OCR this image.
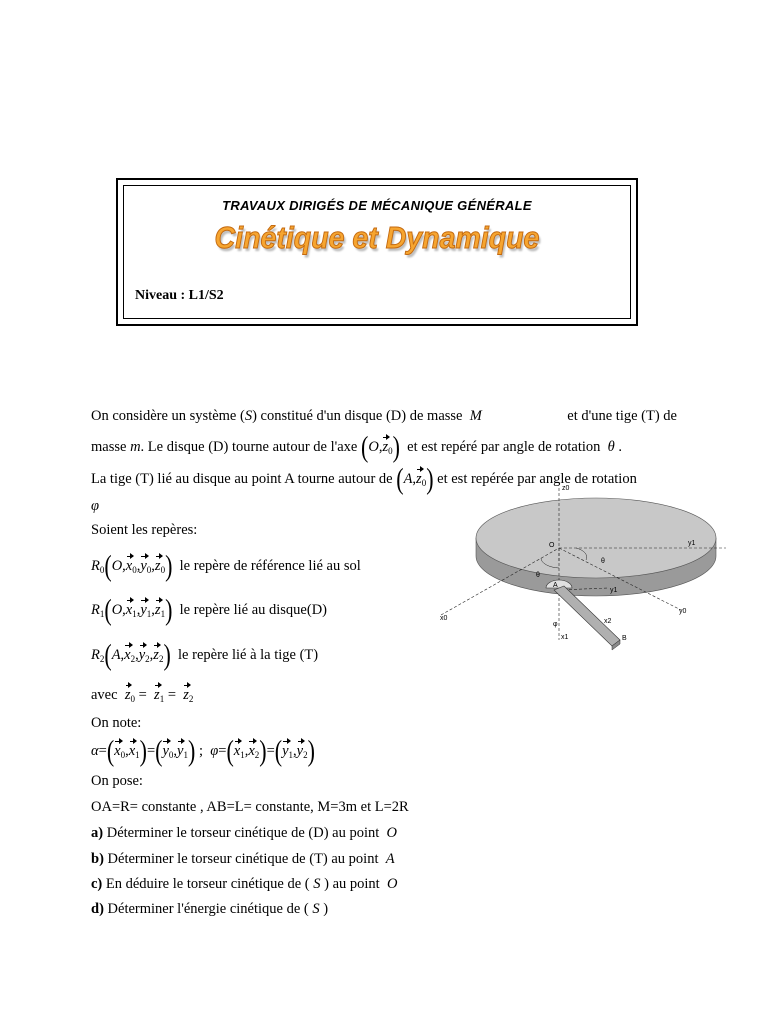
TRAVAUX DIRIGÉS DE MÉCANIQUE GÉNÉRALE
Cinétique et Dynamique
Niveau : L1/S2
On considère un système (S) constitué d'un disque (D) de masse M	et d'une tige (T) de
masse m. Le disque (D) tourne autour de l'axe $(O,z_0)$ et est repéré par angle de rotation θ .
La tige (T) lié au disque au point A tourne autour de $(A,z_0)$ et est repérée par angle de rotation
φ
Soient les repères:
$R_0(O,x_0,y_0,z_0)$ le repère de référence lié au sol
$R_1(O,x_1,y_1,z_1)$ le repère lié au disque(D)
$R_2(A,x_2,y_2,z_2)$ le repère lié à la tige (T)
avec $z_0 = z_1 = z_2$
On note:
$\alpha=(x_0,x_1)=(y_0,y_1)$ ;  $\varphi=(x_1,x_2)=(y_1,y_2)$
On pose:
OA=R= constante , AB=L= constante, M=3m et L=2R
a) Déterminer le torseur cinétique de (D) au point O
b) Déterminer le torseur cinétique de (T) au point A
c) En déduire le torseur cinétique de ( S ) au point O
d) Déterminer l'énergie cinétique de ( S )
z0
y1
O
θ
θ
A
y1
y0
x0	x2
φ
x1	B
